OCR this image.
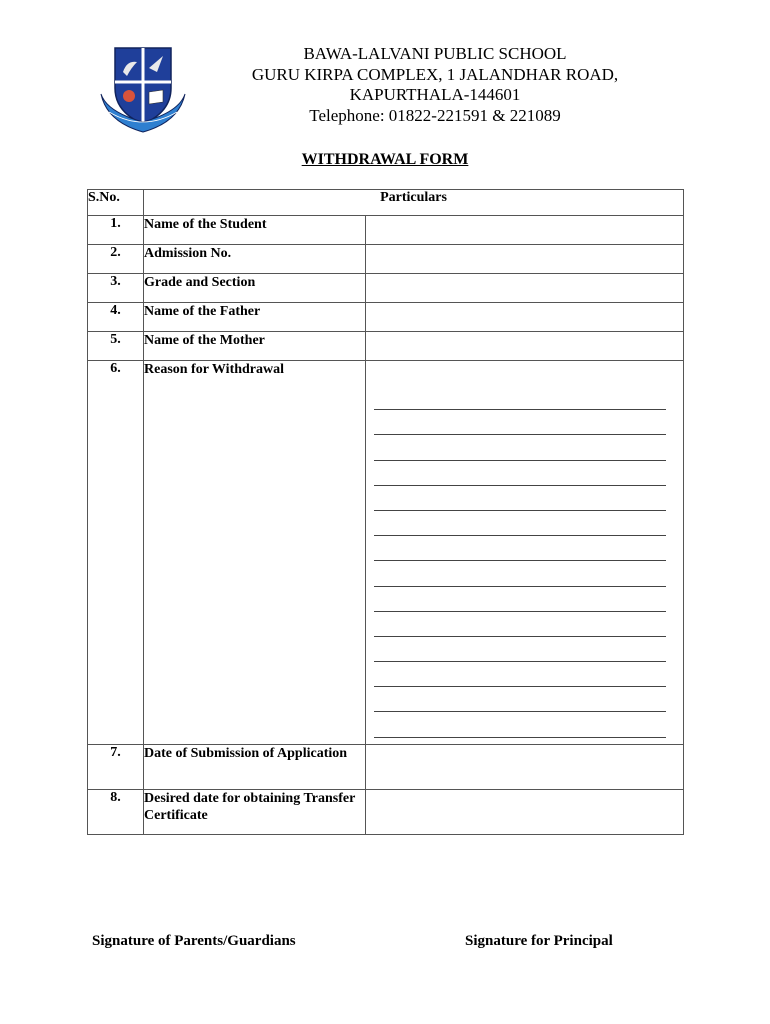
BAWA-LALVANI PUBLIC SCHOOL
GURU KIRPA COMPLEX, 1 JALANDHAR ROAD,
KAPURTHALA-144601
Telephone: 01822-221591 & 221089
WITHDRAWAL FORM
S.No.	Particulars	
1.	Name of the Student	
2.	Admission No.	
3.	Grade and Section	
4.	Name of the Father	
5.	Name of the Mother	
6.	Reason for Withdrawal	

7.	Date of Submission of Application	
8.	Desired date for obtaining Transfer Certificate	
Signature of Parents/Guardians	Signature for Principal
